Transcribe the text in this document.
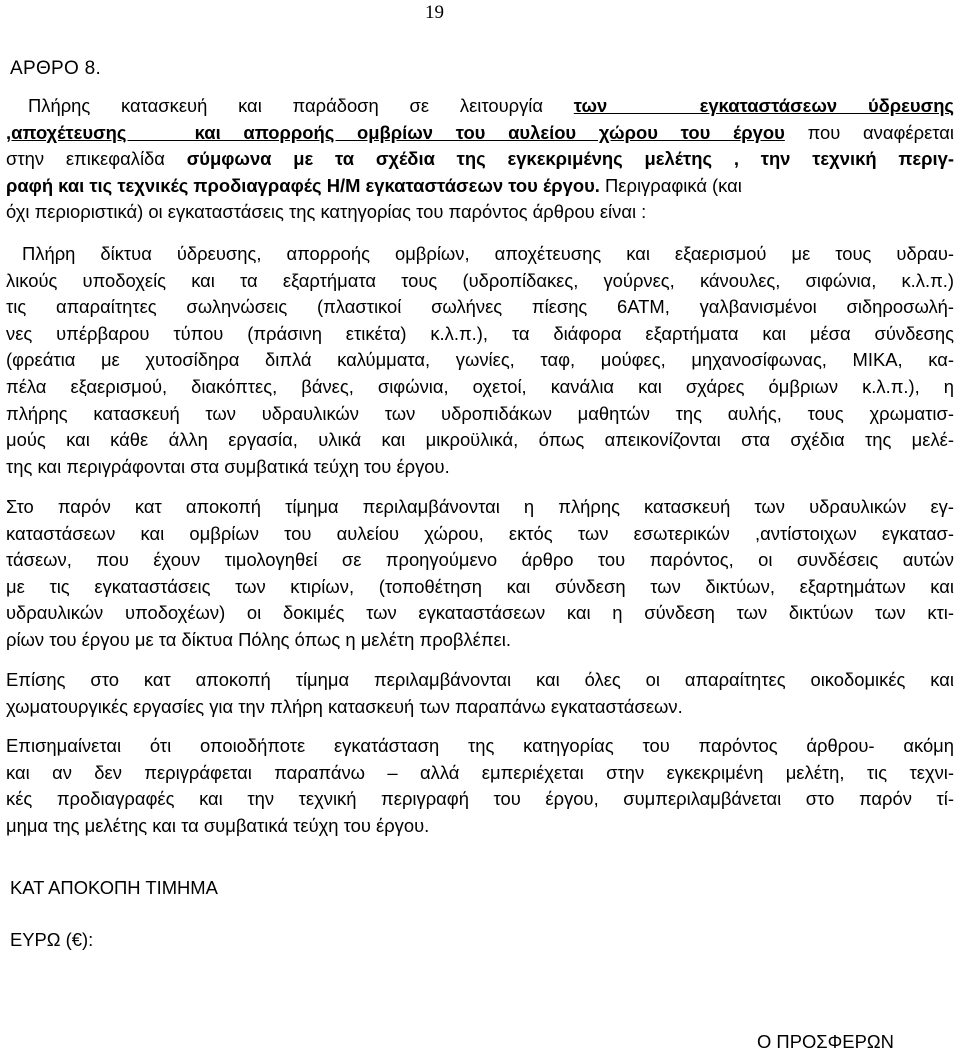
19
ΑΡΘΡΟ 8.
Πλήρης κατασκευή και παράδοση σε λειτουργία των   εγκαταστάσεων ύδρευσης
,αποχέτευσης   και απορροής ομβρίων του αυλείου χώρου του έργου που αναφέρεται
στην επικεφαλίδα σύμφωνα με τα σχέδια της εγκεκριμένης μελέτης , την τεχνική περιγ-
ραφή και τις τεχνικές προδιαγραφές Η/Μ εγκαταστάσεων του έργου. Περιγραφικά (και
όχι περιοριστικά) οι εγκαταστάσεις της κατηγορίας του παρόντος άρθρου είναι :
Πλήρη δίκτυα ύδρευσης, απορροής ομβρίων, αποχέτευσης και εξαερισμού με τους υδραυ-
λικούς υποδοχείς και τα εξαρτήματα τους (υδροπίδακες, γούρνες, κάνουλες, σιφώνια, κ.λ.π.)
τις απαραίτητες σωληνώσεις (πλαστικοί σωλήνες πίεσης 6ΑΤΜ, γαλβανισμένοι σιδηροσωλή-
νες υπέρβαρου τύπου (πράσινη ετικέτα) κ.λ.π.), τα διάφορα εξαρτήματα και μέσα σύνδεσης
(φρεάτια με χυτοσίδηρα διπλά καλύμματα, γωνίες, ταφ, μούφες, μηχανοσίφωνας, ΜΙΚΑ, κα-
πέλα εξαερισμού, διακόπτες, βάνες, σιφώνια, οχετοί, κανάλια και σχάρες όμβριων κ.λ.π.), η
πλήρης κατασκευή των υδραυλικών των υδροπιδάκων μαθητών της αυλής, τους χρωματισ-
μούς και κάθε άλλη εργασία, υλικά και μικροϋλικά, όπως απεικονίζονται στα σχέδια της μελέ-
της και περιγράφονται στα συμβατικά τεύχη του έργου.
Στο παρόν κατ αποκοπή τίμημα περιλαμβάνονται η πλήρης κατασκευή των υδραυλικών εγ-
καταστάσεων και ομβρίων του αυλείου χώρου, εκτός των εσωτερικών ,αντίστοιχων εγκατασ-
τάσεων, που έχουν τιμολογηθεί σε προηγούμενο άρθρο του παρόντος, οι συνδέσεις αυτών
με τις εγκαταστάσεις των κτιρίων, (τοποθέτηση και σύνδεση των δικτύων, εξαρτημάτων και
υδραυλικών υποδοχέων) οι δοκιμές των εγκαταστάσεων και η σύνδεση των δικτύων των κτι-
ρίων του έργου με τα δίκτυα Πόλης όπως η μελέτη προβλέπει.
Επίσης στο κατ αποκοπή τίμημα περιλαμβάνονται και όλες οι απαραίτητες οικοδομικές και
χωματουργικές εργασίες για την πλήρη κατασκευή των παραπάνω εγκαταστάσεων.
Επισημαίνεται ότι οποιοδήποτε εγκατάσταση της κατηγορίας του παρόντος άρθρου- ακόμη
και αν δεν περιγράφεται παραπάνω – αλλά εμπεριέχεται στην εγκεκριμένη μελέτη, τις τεχνι-
κές προδιαγραφές και την τεχνική περιγραφή του έργου, συμπεριλαμβάνεται στο παρόν τί-
μημα της μελέτης και τα συμβατικά τεύχη του έργου.
ΚΑΤ ΑΠΟΚΟΠΗ ΤΙΜΗΜΑ
ΕΥΡΩ (€):
Ο ΠΡΟΣΦΕΡΩΝ
